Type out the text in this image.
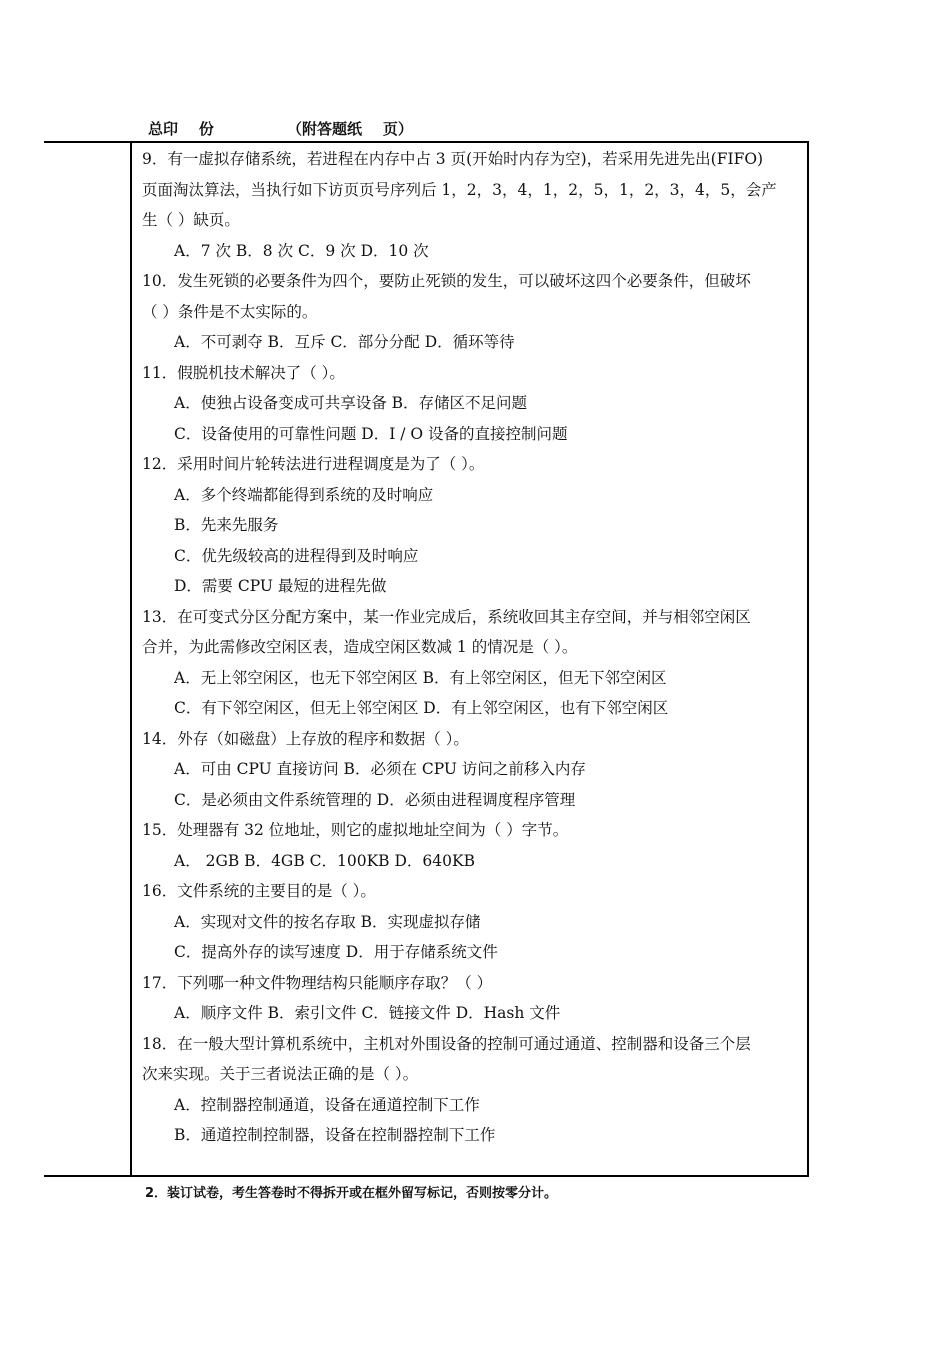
总印    份              （附答题纸    页）
9．有一虚拟存储系统，若进程在内存中占 3 页(开始时内存为空)，若采用先进先出(FIFO)
页面淘汰算法，当执行如下访页页号序列后 1，2，3，4，1，2，5，1，2，3，4，5，会产
生（ ）缺页。
A．7 次 B．8 次 C．9 次 D．10 次
10．发生死锁的必要条件为四个，要防止死锁的发生，可以破坏这四个必要条件，但破坏
（ ）条件是不太实际的。
A．不可剥夺 B．互斥 C．部分分配 D．循环等待
11．假脱机技术解决了（ ）。
A．使独占设备变成可共享设备 B．存储区不足问题
C．设备使用的可靠性问题 D．I / O 设备的直接控制问题
12．采用时间片轮转法进行进程调度是为了（ ）。
A．多个终端都能得到系统的及时响应
B．先来先服务
C．优先级较高的进程得到及时响应
D．需要 CPU 最短的进程先做
13．在可变式分区分配方案中，某一作业完成后，系统收回其主存空间，并与相邻空闲区
合并，为此需修改空闲区表，造成空闲区数减 1 的情况是（ ）。
A．无上邻空闲区，也无下邻空闲区 B．有上邻空闲区，但无下邻空闲区
C．有下邻空闲区，但无上邻空闲区 D．有上邻空闲区，也有下邻空闲区
14．外存（如磁盘）上存放的程序和数据（ ）。
A．可由 CPU 直接访问 B．必须在 CPU 访问之前移入内存
C．是必须由文件系统管理的 D．必须由进程调度程序管理
15．处理器有 32 位地址，则它的虚拟地址空间为（ ）字节。
A． 2GB B．4GB C．100KB D．640KB
16．文件系统的主要目的是（ ）。
A．实现对文件的按名存取 B．实现虚拟存储
C．提高外存的读写速度 D．用于存储系统文件
17．下列哪一种文件物理结构只能顺序存取？（ ）
A．顺序文件 B．索引文件 C．链接文件 D．Hash 文件
18．在一般大型计算机系统中，主机对外围设备的控制可通过通道、控制器和设备三个层
次来实现。关于三者说法正确的是（ ）。
A．控制器控制通道，设备在通道控制下工作
B．通道控制控制器，设备在控制器控制下工作
2．装订试卷，考生答卷时不得拆开或在框外留写标记，否则按零分计。
